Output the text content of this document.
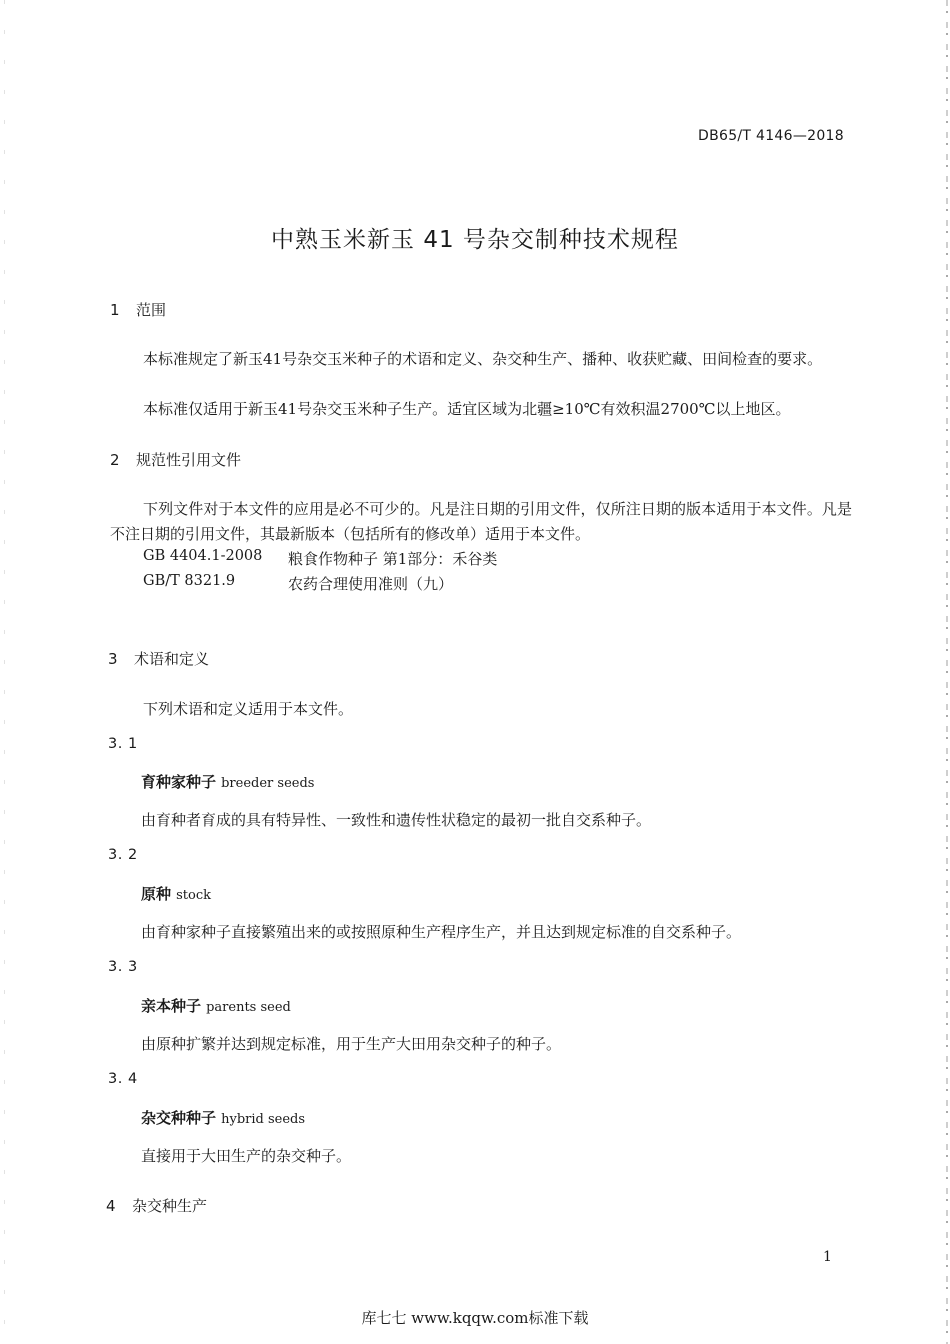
DB65/T 4146—2018
中熟玉米新玉 41 号杂交制种技术规程
1 范围
本标准规定了新玉41号杂交玉米种子的术语和定义、杂交种生产、播种、收获贮藏、田间检查的要求。
本标准仅适用于新玉41号杂交玉米种子生产。适宜区域为北疆≥10℃有效积温2700℃以上地区。
2 规范性引用文件
下列文件对于本文件的应用是必不可少的。凡是注日期的引用文件，仅所注日期的版本适用于本文件。凡是不注日期的引用文件，其最新版本（包括所有的修改单）适用于本文件。
GB 4404.1-2008 粮食作物种子 第1部分：禾谷类
GB/T 8321.9	农药合理使用准则（九）
3 术语和定义
下列术语和定义适用于本文件。
3. 1
育种家种子 breeder seeds
由育种者育成的具有特异性、一致性和遗传性状稳定的最初一批自交系种子。
3. 2
原种 stock
由育种家种子直接繁殖出来的或按照原种生产程序生产，并且达到规定标准的自交系种子。
3. 3
亲本种子 parents seed
由原种扩繁并达到规定标准，用于生产大田用杂交种子的种子。
3. 4
杂交种种子 hybrid seeds
直接用于大田生产的杂交种子。
4 杂交种生产
1
库七七 www.kqqw.com标准下载
